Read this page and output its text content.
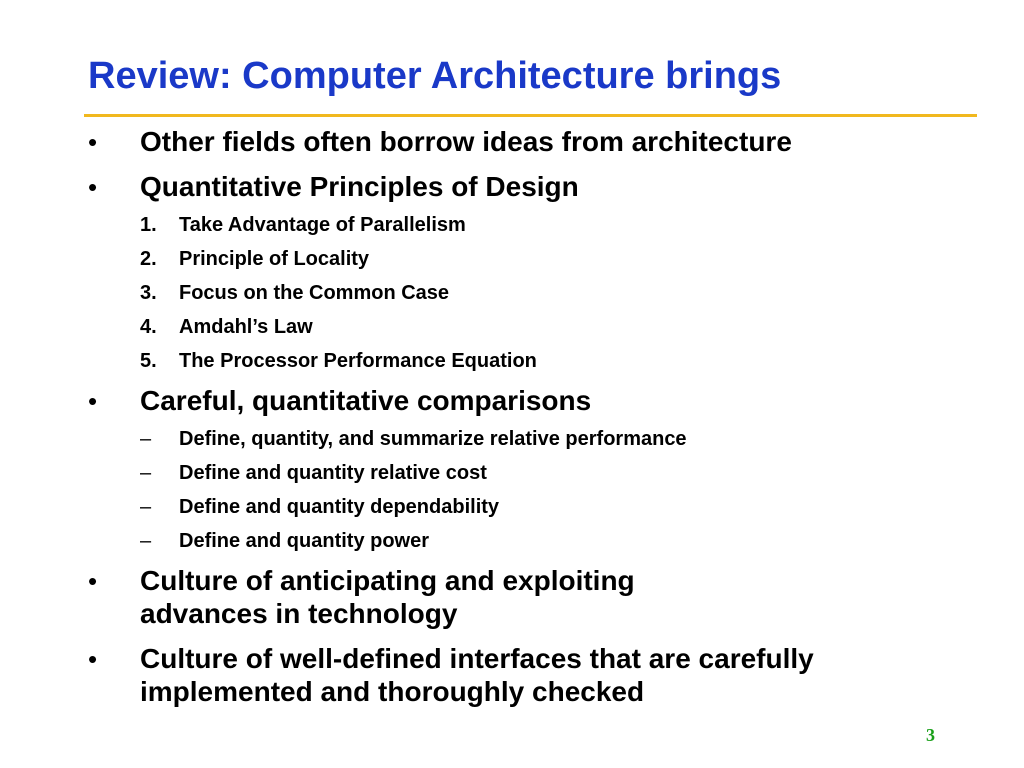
Review: Computer Architecture brings
• Other fields often borrow ideas from architecture
• Quantitative Principles of Design
1. Take Advantage of Parallelism
2. Principle of Locality
3. Focus on the Common Case
4. Amdahl’s Law
5. The Processor Performance Equation
• Careful, quantitative comparisons
– Define, quantity, and summarize relative performance
– Define and quantity relative cost
– Define and quantity dependability
– Define and quantity power
• Culture of anticipating and exploiting
advances in technology
• Culture of well-defined interfaces that are carefully
implemented and thoroughly checked
3
